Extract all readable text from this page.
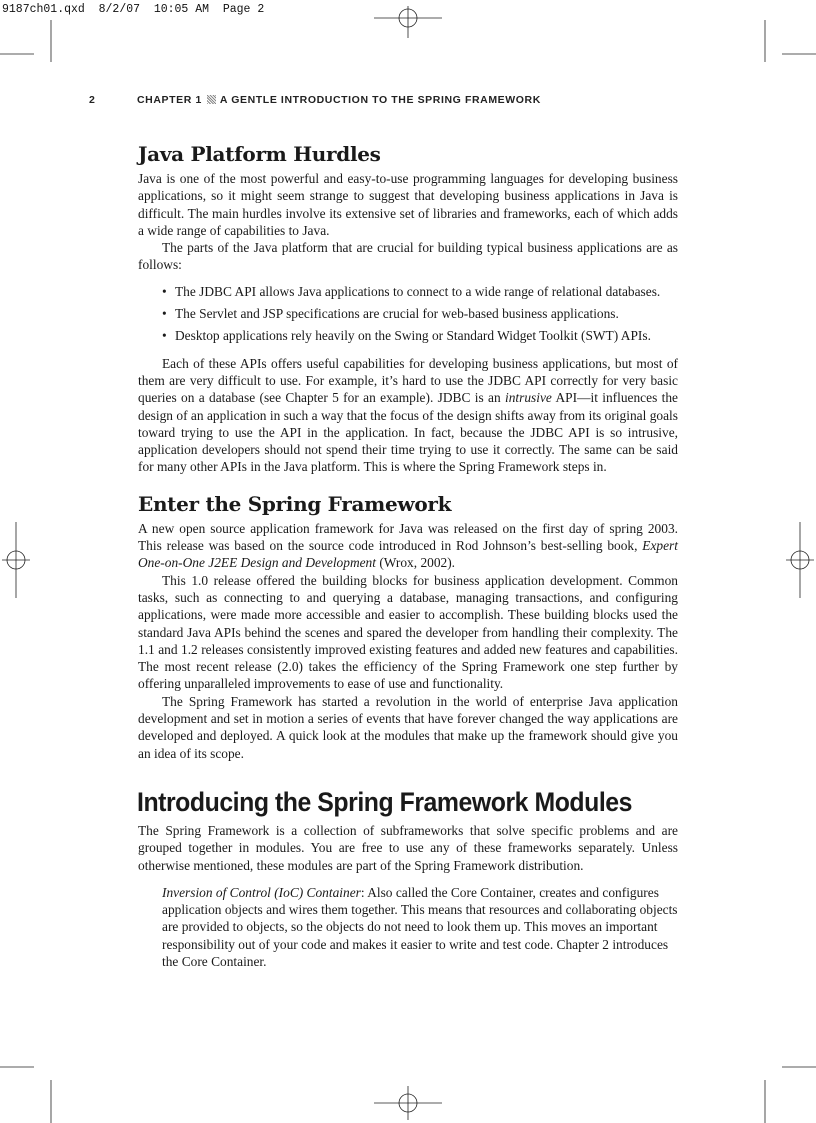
9187ch01.qxd  8/2/07  10:05 AM  Page 2
2	CHAPTER 1 A GENTLE INTRODUCTION TO THE SPRING FRAMEWORK
Java Platform Hurdles

Java is one of the most powerful and easy-to-use programming languages for developing business applications, so it might seem strange to suggest that developing business applications in Java is difficult. The main hurdles involve its extensive set of libraries and frameworks, each of which adds a wide range of capabilities to Java.

The parts of the Java platform that are crucial for building typical business applications are as follows:

• The JDBC API allows Java applications to connect to a wide range of relational databases.
• The Servlet and JSP specifications are crucial for web-based business applications.
• Desktop applications rely heavily on the Swing or Standard Widget Toolkit (SWT) APIs.

Each of these APIs offers useful capabilities for developing business applications, but most of them are very difficult to use. For example, it’s hard to use the JDBC API correctly for very basic queries on a database (see Chapter 5 for an example). JDBC is an intrusive API—it influences the design of an application in such a way that the focus of the design shifts away from its original goals toward trying to use the API in the application. In fact, because the JDBC API is so intrusive, application developers should not spend their time trying to use it correctly. The same can be said for many other APIs in the Java platform. This is where the Spring Framework steps in.

Enter the Spring Framework

A new open source application framework for Java was released on the first day of spring 2003. This release was based on the source code introduced in Rod Johnson’s best-selling book, Expert One-on-One J2EE Design and Development (Wrox, 2002).

This 1.0 release offered the building blocks for business application development. Common tasks, such as connecting to and querying a database, managing transactions, and configuring applications, were made more accessible and easier to accomplish. These building blocks used the standard Java APIs behind the scenes and spared the developer from handling their complexity. The 1.1 and 1.2 releases consistently improved existing features and added new features and capabilities. The most recent release (2.0) takes the efficiency of the Spring Framework one step further by offering unparalleled improvements to ease of use and functionality.

The Spring Framework has started a revolution in the world of enterprise Java application development and set in motion a series of events that have forever changed the way applications are developed and deployed. A quick look at the modules that make up the framework should give you an idea of its scope.

Introducing the Spring Framework Modules

The Spring Framework is a collection of subframeworks that solve specific problems and are grouped together in modules. You are free to use any of these frameworks separately. Unless otherwise mentioned, these modules are part of the Spring Framework distribution.

Inversion of Control (IoC) Container: Also called the Core Container, creates and configures application objects and wires them together. This means that resources and collaborating objects are provided to objects, so the objects do not need to look them up. This moves an important responsibility out of your code and makes it easier to write and test code. Chapter 2 introduces the Core Container.
